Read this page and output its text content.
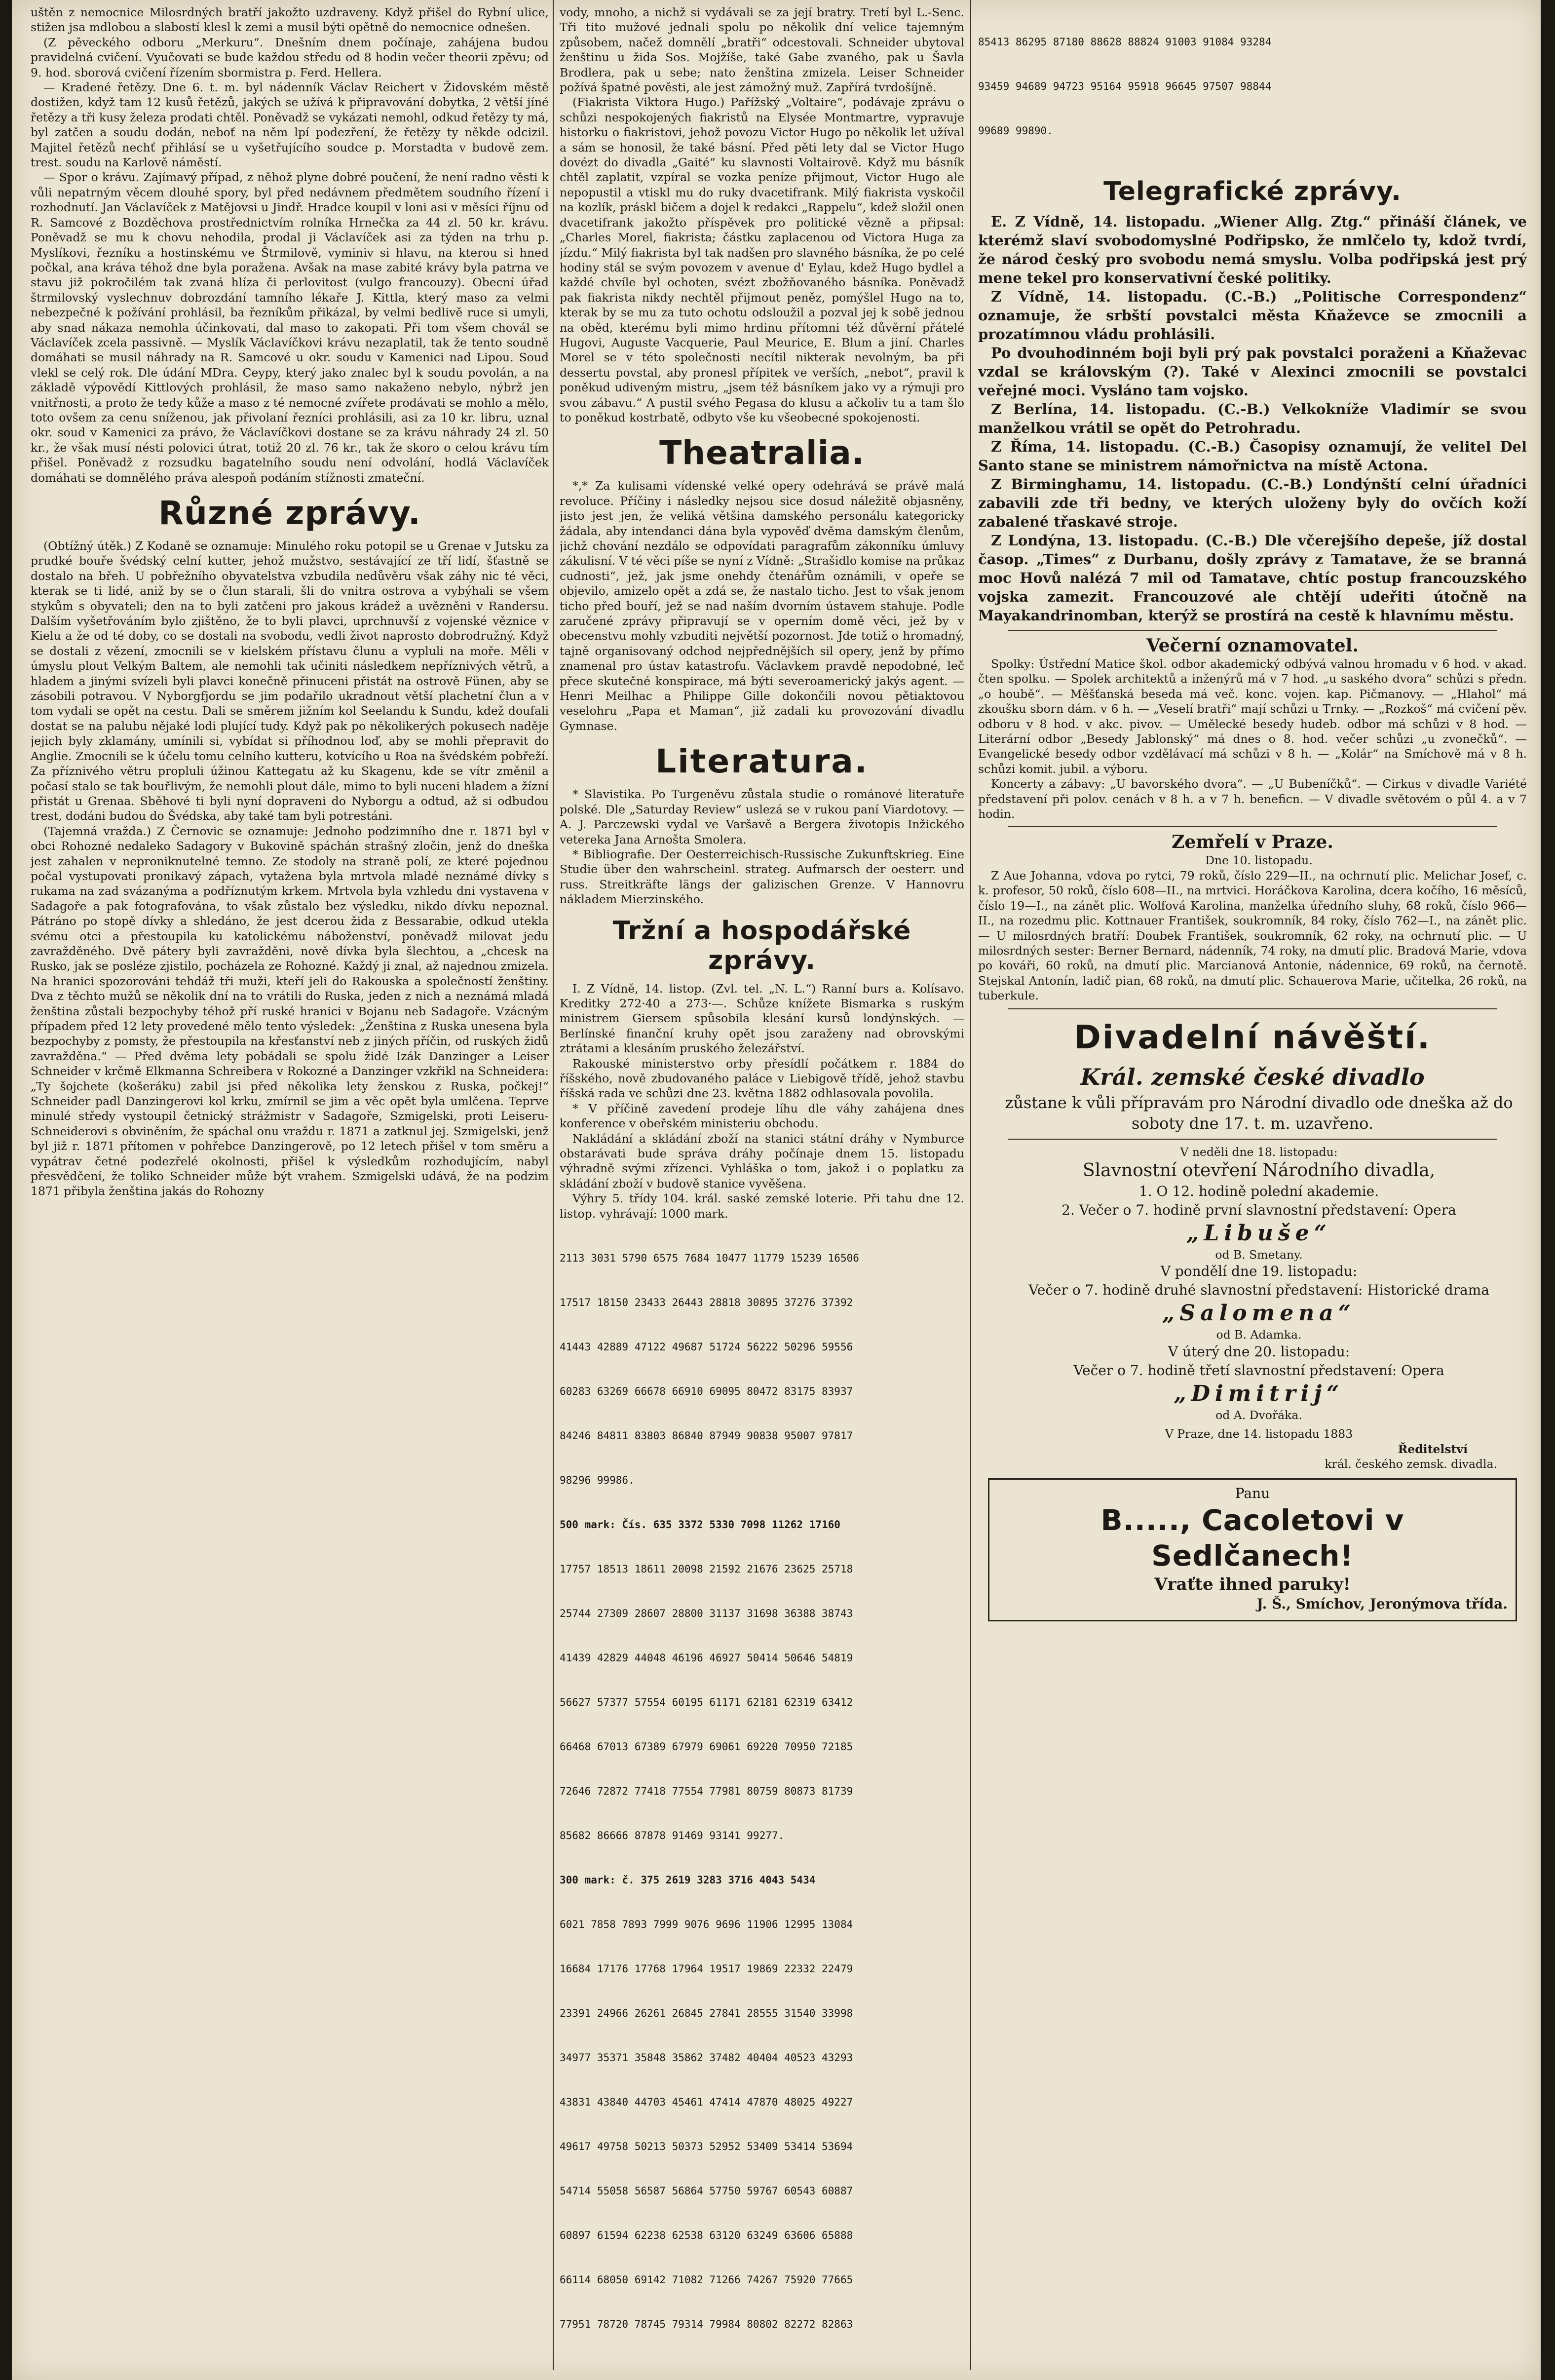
uštěn z nemocnice Milosrdných bratří jakožto uzdraveny. Když přišel do Rybní ulice, stižen jsa mdlobou a slabostí klesl k zemi a musil býti opětně do nemocnice odnešen.

(Z pěveckého odboru „Merkuru“. Dnešním dnem počínaje, zahájena budou pravidelná cvičení. Vyučovati se bude každou středu od 8 hodin večer theorii zpěvu; od 9. hod. sborová cvičení řízením sbormistra p. Ferd. Hellera.

— Kradené řetězy. Dne 6. t. m. byl nádenník Václav Reichert v Židovském městě dostižen, když tam 12 kusů řetězů, jakých se užívá k připravování dobytka, 2 větší jíné řetězy a tři kusy železa prodati chtěl. Poněvadž se vykázati nemohl, odkud řetězy ty má, byl zatčen a soudu dodán, neboť na něm lpí podezření, že řetězy ty někde odcizil. Majitel řetězů nechť přihlásí se u vyšetřujícího soudce p. Morstadta v budově zem. trest. soudu na Karlově náměstí.

— Spor o krávu. Zajímavý případ, z něhož plyne dobré poučení, že není radno věsti k vůli nepatrným věcem dlouhé spory, byl před nedávnem předmětem soudního řízení i rozhodnutí. Jan Václavíček z Matějovsi u Jindř. Hradce koupil v loni asi v měsíci říjnu od R. Samcové z Bozděchova prostřednictvím rolníka Hrnečka za 44 zl. 50 kr. krávu. Poněvadž se mu k chovu nehodila, prodal ji Václavíček asi za týden na trhu p. Myslíkovi, řezníku a hostinskému ve Štrmilově, vyminiv si hlavu, na kterou si hned počkal, ana kráva téhož dne byla poražena. Avšak na mase zabité krávy byla patrna ve stavu již pokročilém tak zvaná hlíza či perlovitost (vulgo francouzy). Obecní úřad štrmilovský vyslechnuv dobrozdání tamního lékaře J. Kittla, který maso za velmi nebezpečné k požívání prohlásil, ba řezníkům přikázal, by velmi bedlivě ruce si umyli, aby snad nákaza nemohla účinkovati, dal maso to zakopati. Při tom všem chovál se Václavíček zcela passivně. — Myslík Václavíčkovi krávu nezaplatil, tak že tento soudně domáhati se musil náhrady na R. Samcové u okr. soudu v Kamenici nad Lipou. Soud vlekl se celý rok. Dle údání MDra. Ceypy, který jako znalec byl k soudu povolán, a na základě výpovědí Kittlových prohlásil, že maso samo nakaženo nebylo, nýbrž jen vnitřnosti, a proto že tedy kůže a maso z té nemocné zvířete prodávati se mohlo a mělo, toto ovšem za cenu sníženou, jak přivolaní řezníci prohlásili, asi za 10 kr. libru, uznal okr. soud v Kamenici za právo, že Václavíčkovi dostane se za krávu náhrady 24 zl. 50 kr., že však musí nésti polovici útrat, totiž 20 zl. 76 kr., tak že skoro o celou krávu tím přišel. Poněvadž z rozsudku bagatelního soudu není odvolání, hodlá Václavíček domáhati se domnělého práva alespoň podáním stížnosti zmateční.

Různé zprávy.

(Obtížný útěk.) Z Kodaně se oznamuje: Minulého roku potopil se u Grenae v Jutsku za prudké bouře švédský celní kutter, jehož mužstvo, sestávající ze tří lidí, šťastně se dostalo na břeh. U pobřežního obyvatelstva vzbudila nedůvěru však záhy nic té věci, kterak se ti lidé, aniž by se o člun starali, šli do vnitra ostrova a vybýhali se všem stykům s obyvateli; den na to byli zatčeni pro jakous krádež a uvězněni v Randersu. Dalším vyšetřováním bylo zjištěno, že to byli plavci, uprchnuvší z vojenské věznice v Kielu a že od té doby, co se dostali na svobodu, vedli život naprosto dobrodružný. Když se dostali z vězení, zmocnili se v kielském přístavu člunu a vypluli na moře. Měli v úmyslu plout Velkým Baltem, ale nemohli tak učiniti následkem nepříznivých větrů, a hladem a jinými svízeli byli plavci konečně přinuceni přistát na ostrově Fünen, aby se zásobili potravou. V Nyborgfjordu se jim podařilo ukradnout větší plachetní člun a v tom vydali se opět na cestu. Dali se směrem jižním kol Seelandu k Sundu, kdež doufali dostat se na palubu nějaké lodi plující tudy. Když pak po několikerých pokusech naděje jejich byly zklamány, umínili si, vybídat si příhodnou loď, aby se mohli přepravit do Anglie. Zmocnili se k účelu tomu celního kutteru, kotvícího u Roa na švédském pobřeží. Za příznivého větru propluli úžinou Kattegatu až ku Skagenu, kde se vítr změnil a počasí stalo se tak bouřlivým, že nemohli plout dále, mimo to byli nuceni hladem a žízní přistát u Grenaa. Sběhové ti byli nyní dopraveni do Nyborgu a odtud, až si odbudou trest, dodáni budou do Švédska, aby také tam byli potrestáni.

(Tajemná vražda.) Z Černovic se oznamuje: Jednoho podzimního dne r. 1871 byl v obci Rohozné nedaleko Sadagory v Bukovině spáchán strašný zločin, jenž do dneška jest zahalen v neproniknutelné temno. Ze stodoly na straně polí, ze které pojednou počal vystupovati pronikavý zápach, vytažena byla mrtvola mladé neznámé dívky s rukama na zad svázanýma a podříznutým krkem. Mrtvola byla vzhledu dni vystavena v Sadagoře a pak fotografována, to však zůstalo bez výsledku, nikdo dívku nepoznal. Pátráno po stopě dívky a shledáno, že jest dcerou žida z Bessarabie, odkud utekla svému otci a přestoupila ku katolickému náboženství, poněvadž milovat jedu zavražděného. Dvě pátery byli zavražděni, nově dívka byla šlechtou, a „chcesk na Rusko, jak se posléze zjistilo, pocházela ze Rohozné. Každý ji znal, až najednou zmizela. Na hranici spozorováni tehdáž tři muži, kteří jeli do Rakouska a společností ženštiny. Dva z těchto mužů se několik dní na to vrátili do Ruska, jeden z nich a neznámá mladá ženština zůstali bezpochyby téhož pří ruské hranici v Bojanu neb Sadagoře. Vzácným případem před 12 lety provedené mělo tento výsledek: „Ženština z Ruska unesena byla bezpochyby z pomsty, že přestoupila na křesťanství neb z jiných příčin, od ruských židů zavražděna.“ — Před dvěma lety pobádali se spolu židé Izák Danzinger a Leiser Schneider v krčmě Elkmanna Schreibera v Rokozné a Danzinger vzkřikl na Schneidera: „Ty šojchete (košeráku) zabil jsi před několika lety ženskou z Ruska, počkej!“ Schneider padl Danzingerovi kol krku, zmírnil se jim a věc opět byla umlčena. Teprve minulé středy vystoupil četnický strážmistr v Sadagoře, Szmigelski, proti Leiseru-Schneiderovi s obviněním, že spáchal onu vraždu r. 1871 a zatknul jej. Szmigelski, jenž byl již r. 1871 přítomen v pohřebce Danzingerově, po 12 letech přišel v tom směru a vypátrav četné podezřelé okolnosti, přišel k výsledkům rozhodujícím, nabyl přesvědčení, že toliko Schneider může být vrahem. Szmigelski udává, že na podzim 1871 přibyla ženština jakás do Rohozny

vody, mnoho, a nichž si vydávali se za její bratry. Tretí byl L.-Senc. Tři tito mužové jednali spolu po několik dní velice tajemným způsobem, načež domnělí „bratři“ odcestovali. Schneider ubytoval ženštinu u žida Sos. Mojžíše, také Gabe zvaného, pak u Šavla Brodlera, pak u sebe; nato ženština zmizela. Leiser Schneider požívá špatné pověsti, ale jest zámožný muž. Zapřírá tvrdošíjně.

(Fiakrista Viktora Hugo.) Pařížský „Voltaire“, podávaje zprávu o schůzi nespokojených fiakristů na Elysée Montmartre, vypravuje historku o fiakristovi, jehož povozu Victor Hugo po několik let užíval a sám se honosil, že také básní. Před pěti lety dal se Victor Hugo dovézt do divadla „Gaité“ ku slavnosti Voltairově. Když mu básník chtěl zaplatit, vzpíral se vozka peníze přijmout, Victor Hugo ale nepopustil a vtiskl mu do ruky dvacetifrank. Milý fiakrista vyskočil na kozlík, práskl bičem a dojel k redakci „Rappelu“, kdež složil onen dvacetifrank jakožto příspěvek pro politické vězně a připsal: „Charles Morel, fiakrista; částku zaplacenou od Victora Huga za jízdu.“ Milý fiakrista byl tak nadšen pro slavného básníka, že po celé hodiny stál se svým povozem v avenue d' Eylau, kdež Hugo bydlel a každé chvíle byl ochoten, svézt zbožňovaného básníka. Poněvadž pak fiakrista nikdy nechtěl přijmout peněz, pomýšlel Hugo na to, kterak by se mu za tuto ochotu odsloužil a pozval jej k sobě jednou na oběd, kterému byli mimo hrdinu přítomni též důvěrní přátelé Hugovi, Auguste Vacquerie, Paul Meurice, E. Blum a jiní. Charles Morel se v této společnosti necítil nikterak nevolným, ba při dessertu povstal, aby pronesl přípitek ve verších, „nebot“, pravil k poněkud udiveným mistru, „jsem též básníkem jako vy a rýmuji pro svou zábavu.“ A pustil svého Pegasa do klusu a ačkoliv tu a tam šlo to poněkud kostrbatě, odbyto vše ku všeobecné spokojenosti.

Theatralia.

*,* Za kulisami vídenské velké opery odehrává se právě malá revoluce. Příčiny i následky nejsou sice dosud náležitě objasněny, jisto jest jen, že veliká většina damského personálu kategoricky žádala, aby intendanci dána byla vypověď dvěma damským členům, jichž chování nezdálo se odpovídati paragrafům zákonníku úmluvy zákulisní. V té věci píše se nyní z Vídně: „Strašidlo komise na průkaz cudnosti“, jež, jak jsme onehdy čtenářům oznámili, v opeře se objevilo, amizelo opět a zdá se, že nastalo ticho. Jest to však jenom ticho před bouří, jež se nad naším dvorním ústavem stahuje. Podle zaručené zprávy připravují se v operním domě věci, jež by v obecenstvu mohly vzbuditi největší pozornost. Jde totiž o hromadný, tajně organisovaný odchod nejpřednějších sil opery, jenž by přímo znamenal pro ústav katastrofu. Václavkem pravdě nepodobné, leč přece skutečné konspirace, má býti severoamerický jakýs agent. — Henri Meilhac a Philippe Gille dokončili novou pětiaktovou veselohru „Papa et Maman“, již zadali ku provozování divadlu Gymnase.

Literatura.

* Slavistika. Po Turgeněvu zůstala studie o románové literatuře polské. Dle „Saturday Review“ uslezá se v rukou paní Viardotovy. — A. J. Parczewski vydal ve Varšavě a Bergera životopis Inžického vetereka Jana Arnošta Smolera.

* Bibliografie. Der Oesterreichisch-Russische Zukunftskrieg. Eine Studie über den wahrscheinl. strateg. Aufmarsch der oesterr. und russ. Streitkräfte längs der galizischen Grenze. V Hannovru nákladem Mierzinského.

Tržní a hospodářské zprávy.

I. Z Vídně, 14. listop. (Zvl. tel. „N. L.“) Ranní burs a. Kolísavo. Kreditky 272·40 a 273·—. Schůze knížete Bismarka s ruským ministrem Giersem spůsobila klesání kursů londýnských. — Berlínské finanční kruhy opět jsou zaraženy nad obrovskými ztrátami a klesáním pruského železářství.

Rakouské ministerstvo orby přesídlí počátkem r. 1884 do říšského, nově zbudovaného paláce v Liebigově třídě, jehož stavbu říšská rada ve schůzi dne 23. května 1882 odhlasovala povolila.

* V příčině zavedení prodeje líhu dle váhy zahájena dnes konference v obeřském ministeriu obchodu.

Nakládání a skládání zboží na stanici státní dráhy v Nymburce obstarávati bude správa dráhy počínaje dnem 15. listopadu výhradně svými zřízenci. Vyhláška o tom, jakož i o poplatku za skládání zboží v budově stanice vyvěšena.

Výhry 5. třídy 104. král. saské zemské loterie. Při tahu dne 12. listop. vyhrávají: 1000 mark.

2113 3031 5790 6575 7684 10477 11779 15239 16506

17517 18150 23433 26443 28818 30895 37276 37392

41443 42889 47122 49687 51724 56222 50296 59556

60283 63269 66678 66910 69095 80472 83175 83937

84246 84811 83803 86840 87949 90838 95007 97817

98296 99986.

500 mark: Čís. 635 3372 5330 7098 11262 17160

17757 18513 18611 20098 21592 21676 23625 25718

25744 27309 28607 28800 31137 31698 36388 38743

41439 42829 44048 46196 46927 50414 50646 54819

56627 57377 57554 60195 61171 62181 62319 63412

66468 67013 67389 67979 69061 69220 70950 72185

72646 72872 77418 77554 77981 80759 80873 81739

85682 86666 87878 91469 93141 99277.

300 mark: č. 375 2619 3283 3716 4043 5434

6021 7858 7893 7999 9076 9696 11906 12995 13084

16684 17176 17768 17964 19517 19869 22332 22479

23391 24966 26261 26845 27841 28555 31540 33998

34977 35371 35848 35862 37482 40404 40523 43293

43831 43840 44703 45461 47414 47870 48025 49227

49617 49758 50213 50373 52952 53409 53414 53694

54714 55058 56587 56864 57750 59767 60543 60887

60897 61594 62238 62538 63120 63249 63606 65888

66114 68050 69142 71082 71266 74267 75920 77665

77951 78720 78745 79314 79984 80802 82272 82863

85413 86295 87180 88628 88824 91003 91084 93284

93459 94689 94723 95164 95918 96645 97507 98844

99689 99890.

Telegrafické zprávy.

E. Z Vídně, 14. listopadu. „Wiener Allg. Ztg.“ přináší článek, ve kterémž slaví svobodomyslné Podřipsko, že nmlčelo ty, kdož tvrdí, že národ český pro svobodu nemá smyslu. Volba podřipská jest prý mene tekel pro konservativní české politiky.

Z Vídně, 14. listopadu. (C.-B.) „Politische Correspondenz“ oznamuje, že srbští povstalci města Kňaževce se zmocnili a prozatímnou vládu prohlásili.

Po dvouhodinném boji byli prý pak povstalci poraženi a Kňaževac vzdal se královským (?). Také v Alexinci zmocnili se povstalci veřejné moci. Vysláno tam vojsko.

Z Berlína, 14. listopadu. (C.-B.) Velkokníže Vladimír se svou manželkou vrátil se opět do Petrohradu.

Z Říma, 14. listopadu. (C.-B.) Časopisy oznamují, že velitel Del Santo stane se ministrem námořnictva na místě Actona.

Z Birminghamu, 14. listopadu. (C.-B.) Londýnští celní úřadníci zabavili zde tři bedny, ve kterých uloženy byly do ovčích koží zabalené třaskavé stroje.

Z Londýna, 13. listopadu. (C.-B.) Dle včerejšího depeše, jíž dostal časop. „Times“ z Durbanu, došly zprávy z Tamatave, že se branná moc Hovů nalézá 7 mil od Tamatave, chtíc postup francouzského vojska zamezit. Francouzové ale chtějí udeřiti útočně na Mayakandrinomban, kterýž se prostírá na cestě k hlavnímu městu.

Večerní oznamovatel.

Spolky: Ústřední Matice škol. odbor akademický odbývá valnou hromadu v 6 hod. v akad. čten spolku. — Spolek architektů a inženýrů má v 7 hod. „u saského dvora“ schůzi s předn. „o houbě“. — Měšťanská beseda má več. konc. vojen. kap. Pičmanovy. — „Hlahol“ má zkoušku sborn dám. v 6 h. — „Veselí bratři“ mají schůzi u Trnky. — „Rozkoš“ má cvičení pěv. odboru v 8 hod. v akc. pivov. — Umělecké besedy hudeb. odbor má schůzi v 8 hod. — Literární odbor „Besedy Jablonský“ má dnes o 8. hod. večer schůzi „u zvonečků“. — Evangelické besedy odbor vzdělávací má schůzi v 8 h. — „Kolár“ na Smíchově má v 8 h. schůzi komit. jubil. a výboru.

Koncerty a zábavy: „U bavorského dvora“. — „U Bubeníčků“. — Cirkus v divadle Variété představení při polov. cenách v 8 h. a v 7 h. beneficn. — V divadle světovém o půl 4. a v 7 hodin.

Zemřelí v Praze.

Dne 10. listopadu.

Z Aue Johanna, vdova po rytci, 79 roků, číslo 229—II., na ochrnutí plic. Melichar Josef, c. k. profesor, 50 roků, číslo 608—II., na mrtvici. Horáčkova Karolina, dcera kočího, 16 měsíců, číslo 19—I., na zánět plic. Wolfová Karolina, manželka úředního sluhy, 68 roků, číslo 966—II., na rozedmu plic. Kottnauer František, soukromník, 84 roky, číslo 762—I., na zánět plic. — U milosrdných bratří: Doubek František, soukromník, 62 roky, na ochrnutí plic. — U milosrdných sester: Berner Bernard, nádenník, 74 roky, na dmutí plic. Bradová Marie, vdova po kováři, 60 roků, na dmutí plic. Marcianová Antonie, nádennice, 69 roků, na černotě. Stejskal Antonín, ladič pian, 68 roků, na dmutí plic. Schauerova Marie, učitelka, 26 roků, na tuberkule.

Divadelní návěští.
Král. zemské české divadlo

zůstane k vůli přípravám pro Národní divadlo ode dneška až do soboty dne 17. t. m. uzavřeno.

V neděli dne 18. listopadu:

Slavnostní otevření Národního divadla,

1. O 12. hodině polední akademie.

2. Večer o 7. hodině první slavnostní představení: Opera

„Libuše“

od B. Smetany.

V pondělí dne 19. listopadu:

Večer o 7. hodině druhé slavnostní představení: Historické drama

„Salomena“

od B. Adamka.

V úterý dne 20. listopadu:

Večer o 7. hodině třetí slavnostní představení: Opera

„Dimitrij“

od A. Dvořáka.

V Praze, dne 14. listopadu 1883

Ředitelství

král. českého zemsk. divadla.

Panu

B....., Cacoletovi v Sedlčanech!

Vraťte ihned paruky!

J. Š., Smíchov, Jeronýmova třída.
